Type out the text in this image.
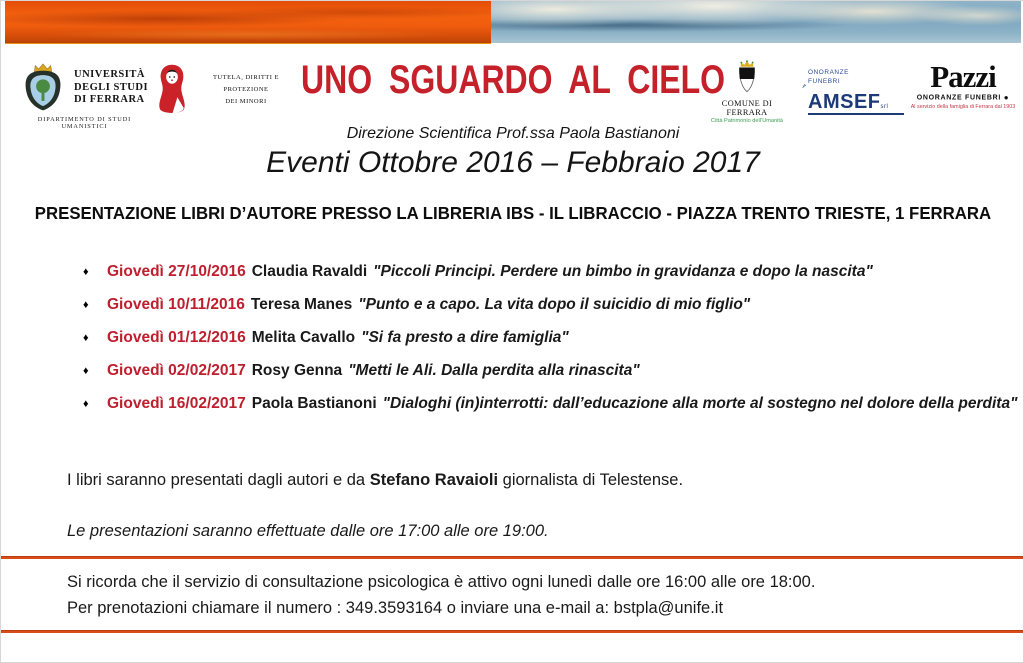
UNIVERSITÀ
DEGLI STUDI
DI FERRARA
DIPARTIMENTO DI STUDI UMANISTICI
TUTELA, DIRITTI E PROTEZIONE
DEI MINORI UNO SGUARDO AL CIELO
COMUNE DI FERRARA
Città Patrimonio dell’Umanità
ONORANZE
FUNEBRI
AMSEFsrl
Pazzi
ONORANZE FUNEBRI ●
Al servizio della famiglia di Ferrara dal 1903
Direzione Scientifica Prof.ssa Paola Bastianoni
Eventi Ottobre 2016 – Febbraio 2017
PRESENTAZIONE LIBRI D’AUTORE PRESSO LA LIBRERIA IBS - IL LIBRACCIO - PIAZZA TRENTO TRIESTE, 1 FERRARA
♦	Giovedì 27/10/2016 Claudia Ravaldi "Piccoli Principi. Perdere un bimbo in gravidanza e dopo la nascita"
♦	Giovedì 10/11/2016 Teresa Manes "Punto e a capo. La vita dopo il suicidio di mio figlio"
♦	Giovedì 01/12/2016 Melita Cavallo "Si fa presto a dire famiglia"
♦	Giovedì 02/02/2017 Rosy Genna "Metti le Ali. Dalla perdita alla rinascita"
♦	Giovedì 16/02/2017 Paola Bastianoni "Dialoghi (in)interrotti: dall’educazione alla morte al sostegno nel dolore della perdita"
I libri saranno presentati dagli autori e da Stefano Ravaioli giornalista di Telestense.
Le presentazioni saranno effettuate dalle ore 17:00 alle ore 19:00.
Si ricorda che il servizio di consultazione psicologica è attivo ogni lunedì dalle ore 16:00 alle ore 18:00.
Per prenotazioni chiamare il numero : 349.3593164 o inviare una e-mail a: bstpla@unife.it
